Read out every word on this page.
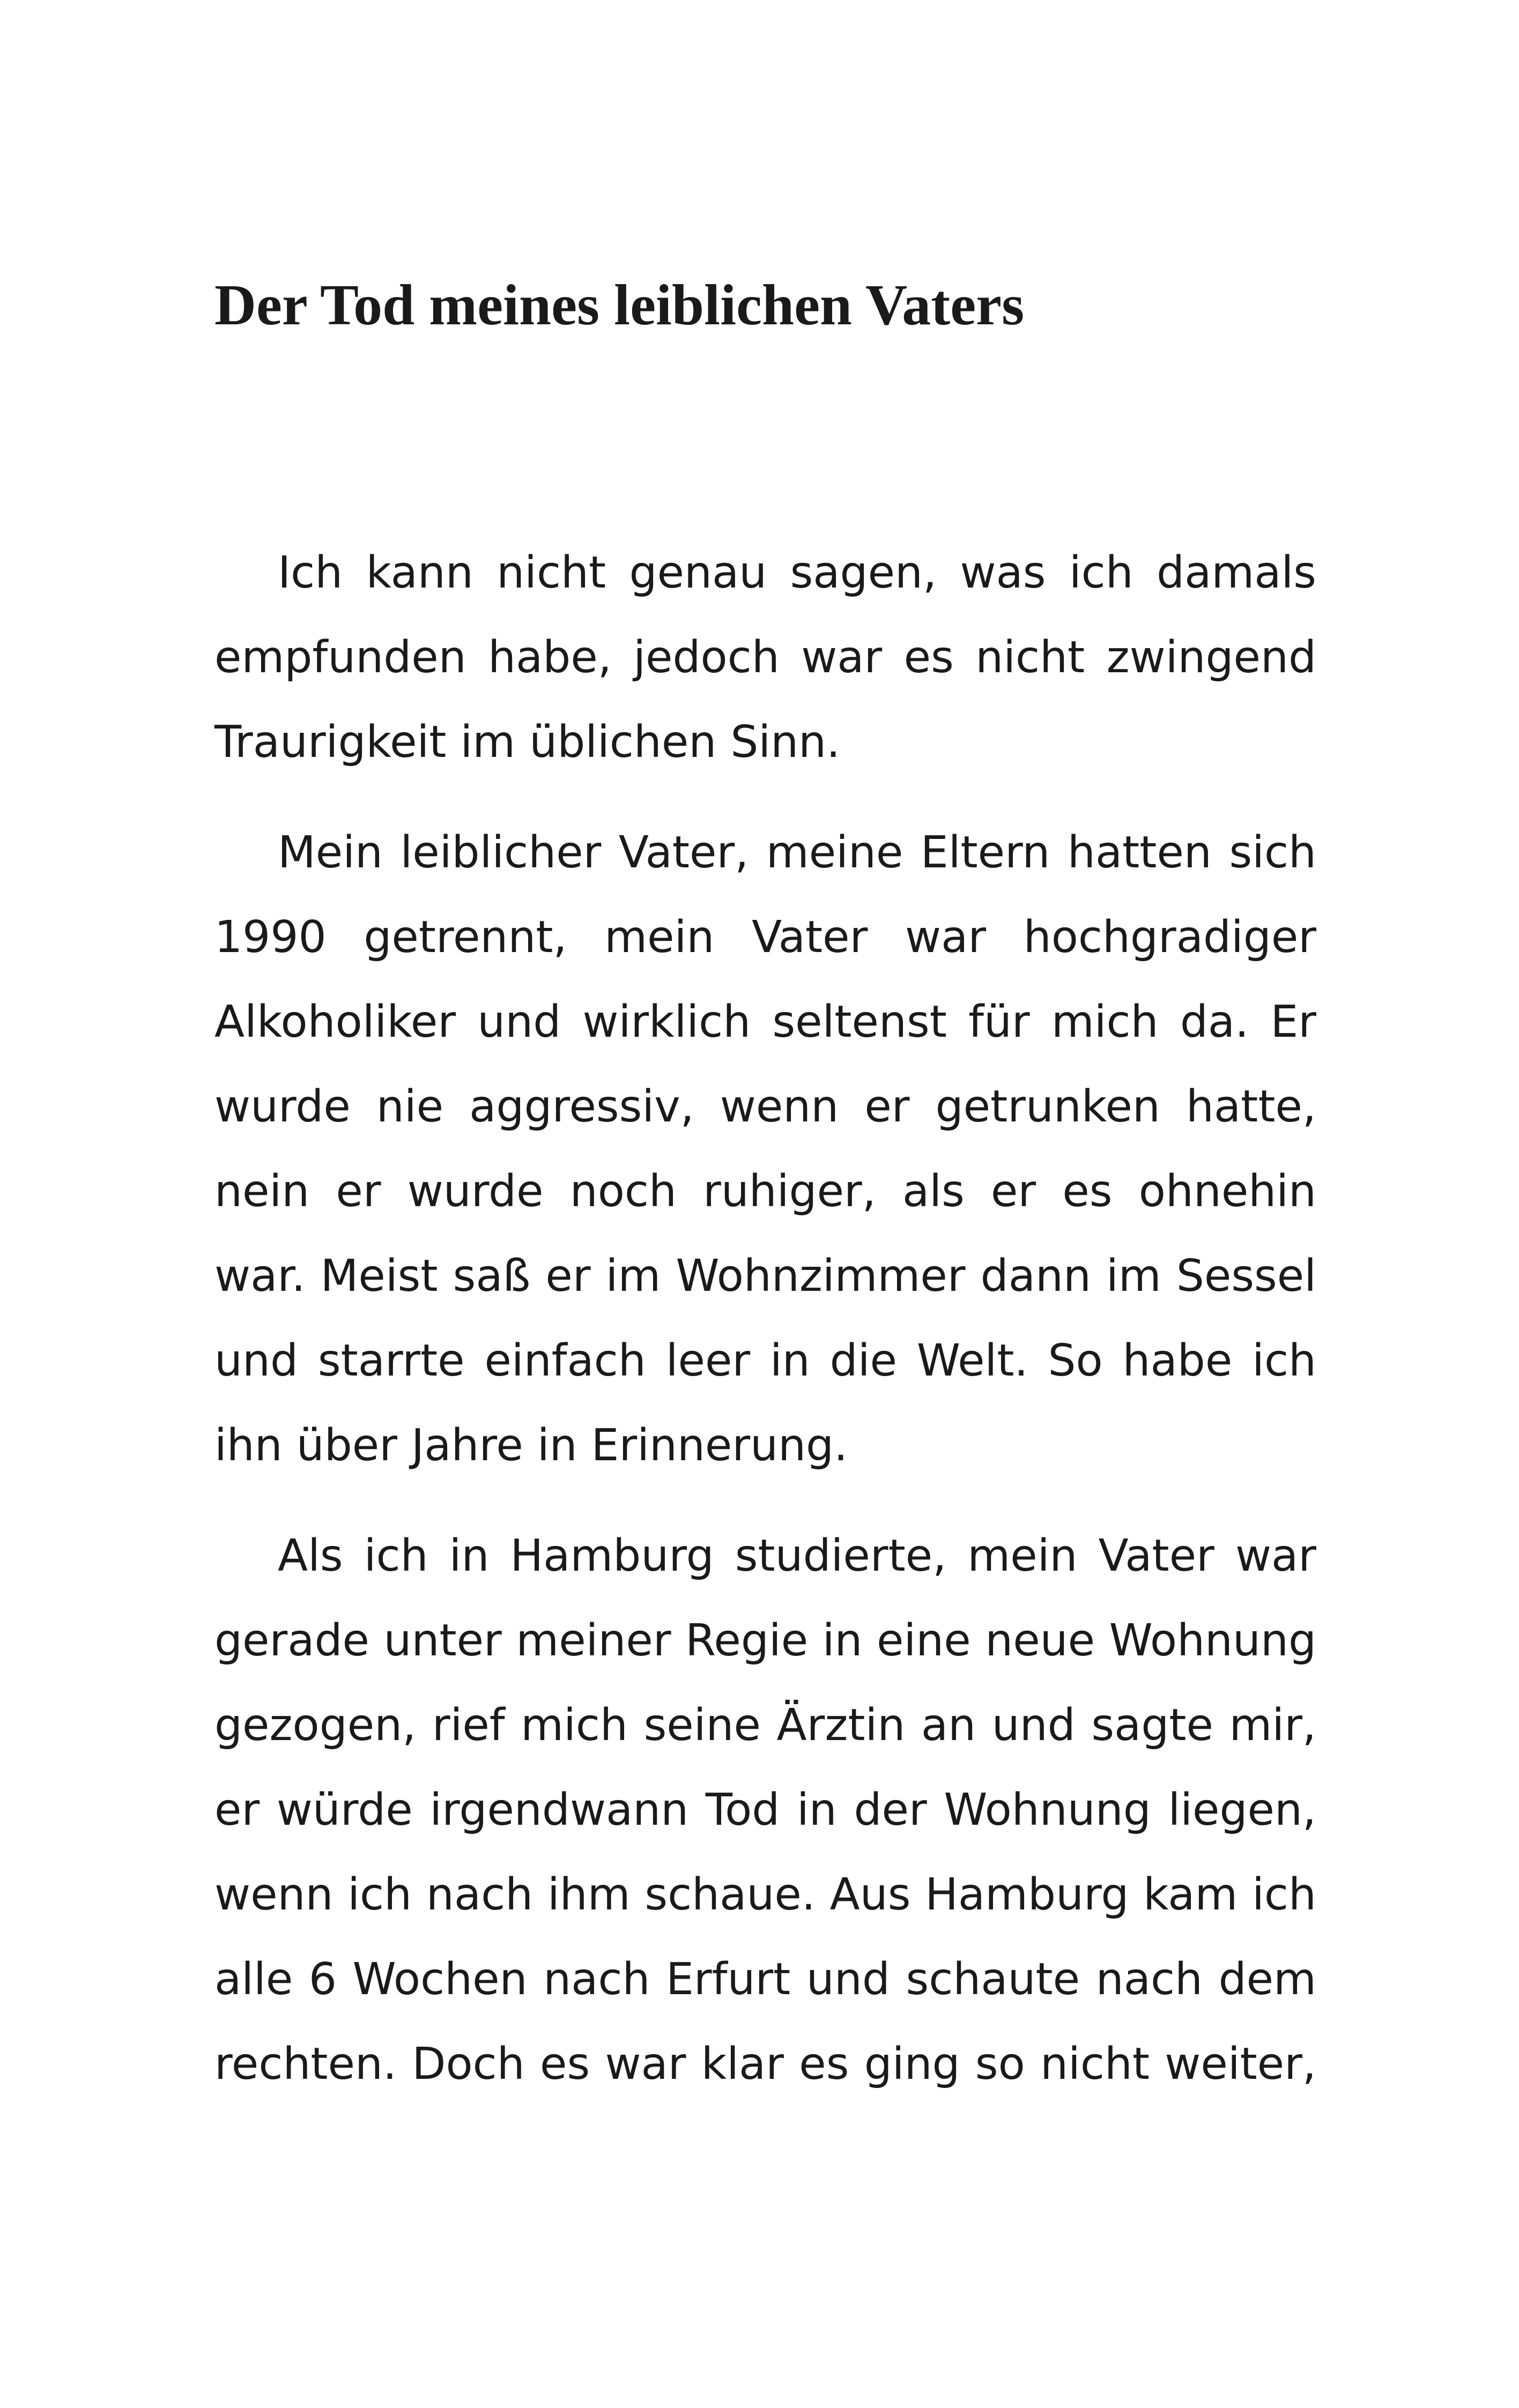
Der Tod meines leiblichen Vaters

Ich kann nicht genau sagen, was ich damals empfunden habe, jedoch war es nicht zwingend Traurigkeit im üblichen Sinn.

Mein leiblicher Vater, meine Eltern hatten sich 1990 getrennt, mein Vater war hochgradiger Alkoholiker und wirklich seltenst für mich da. Er wurde nie aggressiv, wenn er getrunken hatte, nein er wurde noch ruhiger, als er es ohnehin war. Meist saß er im Wohnzimmer dann im Sessel und starrte einfach leer in die Welt. So habe ich ihn über Jahre in Erinnerung.

Als ich in Hamburg studierte, mein Vater war gerade unter meiner Regie in eine neue Wohnung gezogen, rief mich seine Ärztin an und sagte mir, er würde irgendwann Tod in der Wohnung liegen, wenn ich nach ihm schaue. Aus Hamburg kam ich alle 6 Wochen nach Erfurt und schaute nach dem rechten. Doch es war klar es ging so nicht weiter,
